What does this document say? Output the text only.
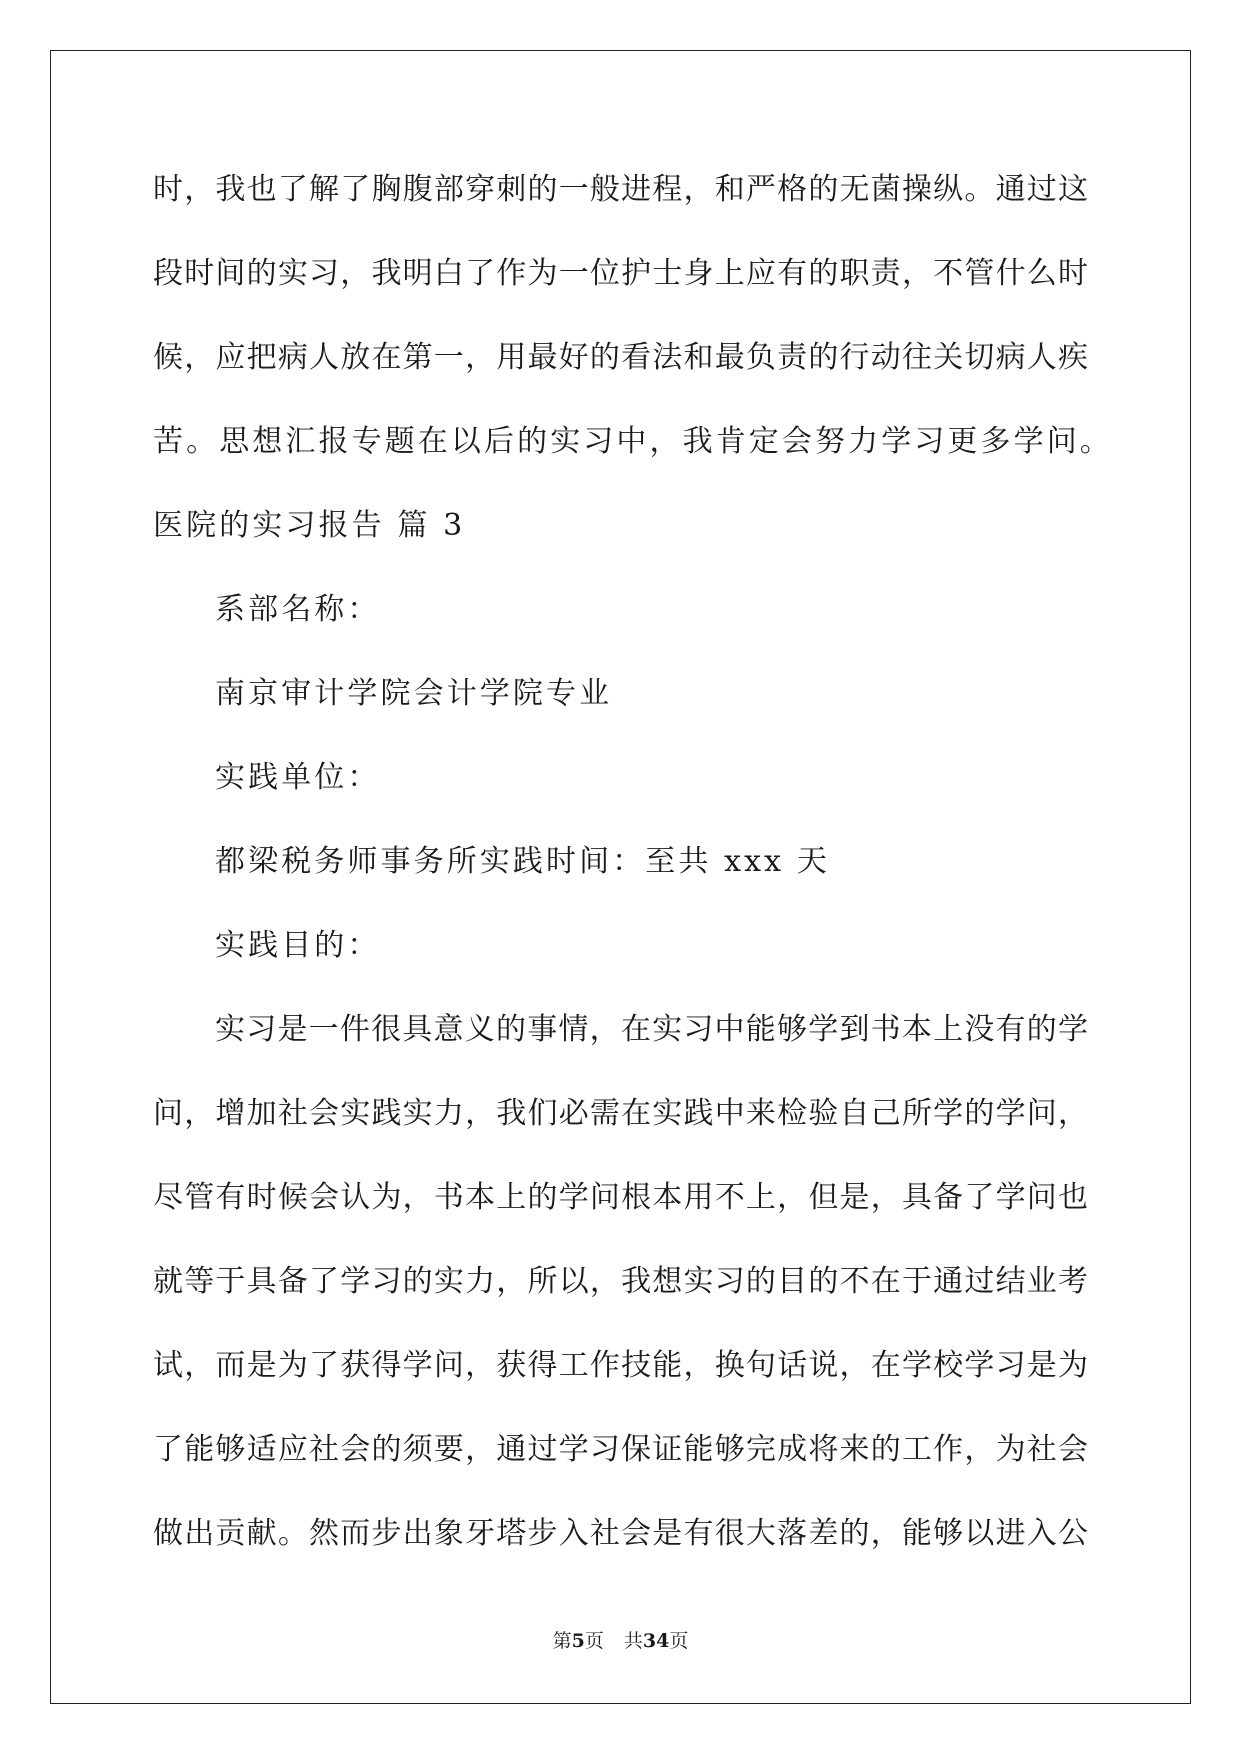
时，我也了解了胸腹部穿刺的一般进程，和严格的无菌操纵。通过这
段时间的实习，我明白了作为一位护士身上应有的职责，不管什么时
候，应把病人放在第一，用最好的看法和最负责的行动往关切病人疾
苦。思想汇报专题在以后的实习中，我肯定会努力学习更多学问。
医院的实习报告 篇 3
系部名称：
南京审计学院会计学院专业
实践单位：
都梁税务师事务所实践时间：至共 xxx 天
实践目的：
实习是一件很具意义的事情，在实习中能够学到书本上没有的学
问，增加社会实践实力，我们必需在实践中来检验自己所学的学问，
尽管有时候会认为，书本上的学问根本用不上，但是，具备了学问也
就等于具备了学习的实力，所以，我想实习的目的不在于通过结业考
试，而是为了获得学问，获得工作技能，换句话说，在学校学习是为
了能够适应社会的须要，通过学习保证能够完成将来的工作，为社会
做出贡献。然而步出象牙塔步入社会是有很大落差的，能够以进入公
第5页 共34页
